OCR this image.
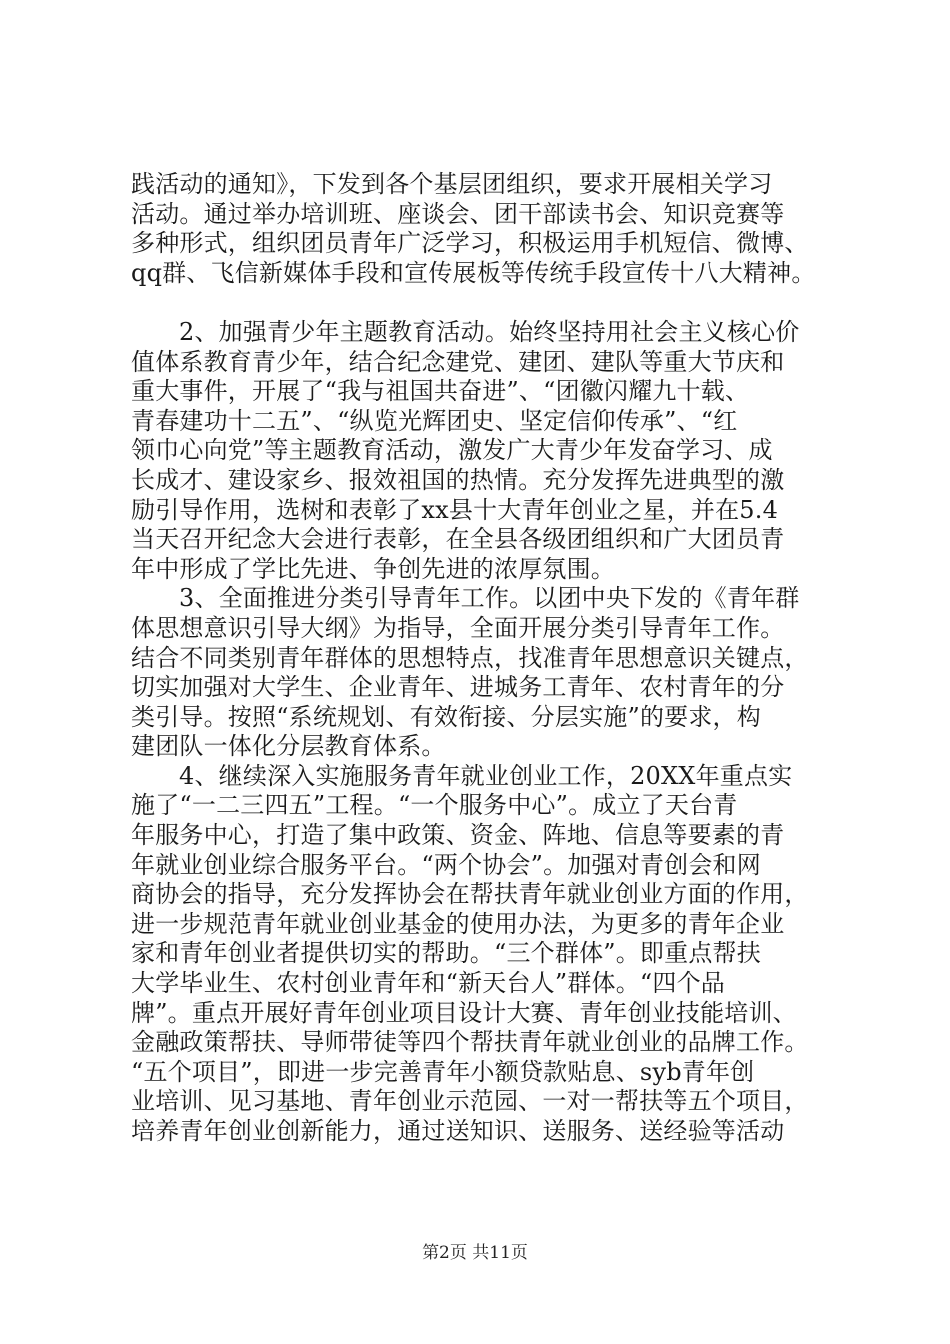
践活动的通知》，下发到各个基层团组织，要求开展相关学习

活动。通过举办培训班、座谈会、团干部读书会、知识竞赛等

多种形式，组织团员青年广泛学习，积极运用手机短信、微博、

qq群、飞信新媒体手段和宣传展板等传统手段宣传十八大精神。

2、加强青少年主题教育活动。始终坚持用社会主义核心价

值体系教育青少年，结合纪念建党、建团、建队等重大节庆和

重大事件，开展了“我与祖国共奋进”、“团徽闪耀九十载、

青春建功十二五”、“纵览光辉团史、坚定信仰传承”、“红

领巾心向党”等主题教育活动，激发广大青少年发奋学习、成

长成才、建设家乡、报效祖国的热情。充分发挥先进典型的激

励引导作用，选树和表彰了xx县十大青年创业之星，并在5.4

当天召开纪念大会进行表彰，在全县各级团组织和广大团员青

年中形成了学比先进、争创先进的浓厚氛围。

3、全面推进分类引导青年工作。以团中央下发的《青年群

体思想意识引导大纲》为指导，全面开展分类引导青年工作。

结合不同类别青年群体的思想特点，找准青年思想意识关键点，

切实加强对大学生、企业青年、进城务工青年、农村青年的分

类引导。按照“系统规划、有效衔接、分层实施”的要求，构

建团队一体化分层教育体系。

4、继续深入实施服务青年就业创业工作，20XX年重点实

施了“一二三四五”工程。“一个服务中心”。成立了天台青

年服务中心，打造了集中政策、资金、阵地、信息等要素的青

年就业创业综合服务平台。“两个协会”。加强对青创会和网

商协会的指导，充分发挥协会在帮扶青年就业创业方面的作用，

进一步规范青年就业创业基金的使用办法，为更多的青年企业

家和青年创业者提供切实的帮助。“三个群体”。即重点帮扶

大学毕业生、农村创业青年和“新天台人”群体。“四个品

牌”。重点开展好青年创业项目设计大赛、青年创业技能培训、

金融政策帮扶、导师带徒等四个帮扶青年就业创业的品牌工作。

“五个项目”，即进一步完善青年小额贷款贴息、syb青年创

业培训、见习基地、青年创业示范园、一对一帮扶等五个项目，

培养青年创业创新能力，通过送知识、送服务、送经验等活动

第2页 共11页
